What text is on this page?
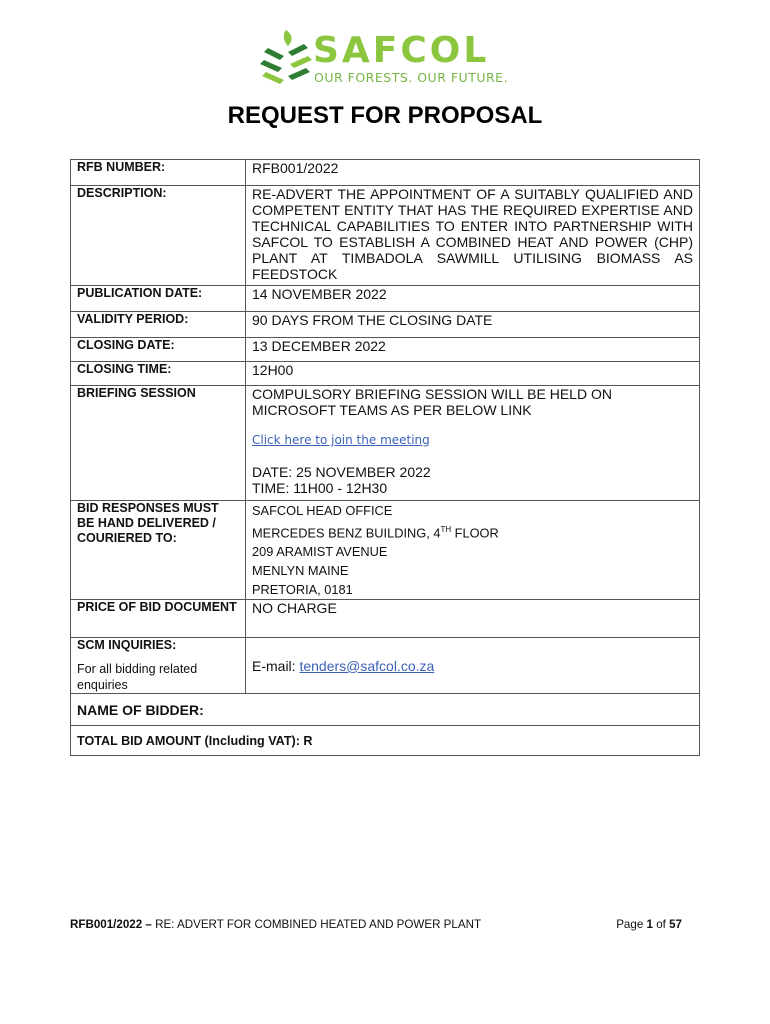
SAFCOL
OUR FORESTS. OUR FUTURE.
REQUEST FOR PROPOSAL
RFB NUMBER:	RFB001/2022
DESCRIPTION:	RE-ADVERT THE APPOINTMENT OF A SUITABLY QUALIFIED AND COMPETENT ENTITY THAT HAS THE REQUIRED EXPERTISE AND TECHNICAL CAPABILITIES TO ENTER INTO PARTNERSHIP WITH SAFCOL TO ESTABLISH A COMBINED HEAT AND POWER (CHP) PLANT AT TIMBADOLA SAWMILL UTILISING BIOMASS AS FEEDSTOCK
PUBLICATION DATE:	14 NOVEMBER 2022
VALIDITY PERIOD:	90 DAYS FROM THE CLOSING DATE
CLOSING DATE:	13 DECEMBER 2022
CLOSING TIME:	12H00
BRIEFING SESSION	COMPULSORY BRIEFING SESSION WILL BE HELD ON
MICROSOFT TEAMS AS PER BELOW LINK
Click here to join the meeting
DATE: 25 NOVEMBER 2022
TIME: 11H00 - 12H30

BID RESPONSES MUST BE HAND DELIVERED / COURIERED TO:	SAFCOL HEAD OFFICE
MERCEDES BENZ BUILDING, 4TH FLOOR
209 ARAMIST AVENUE
MENLYN MAINE
PRETORIA, 0181

PRICE OF BID DOCUMENT	NO CHARGE

SCM INQUIRIES:
For all bidding related enquiries	E-mail: tenders@safcol.co.za
NAME OF BIDDER:	
TOTAL BID AMOUNT (Including VAT): R	
RFB001/2022 – RE: ADVERT FOR COMBINED HEATED AND POWER PLANT	Page 1 of 57
